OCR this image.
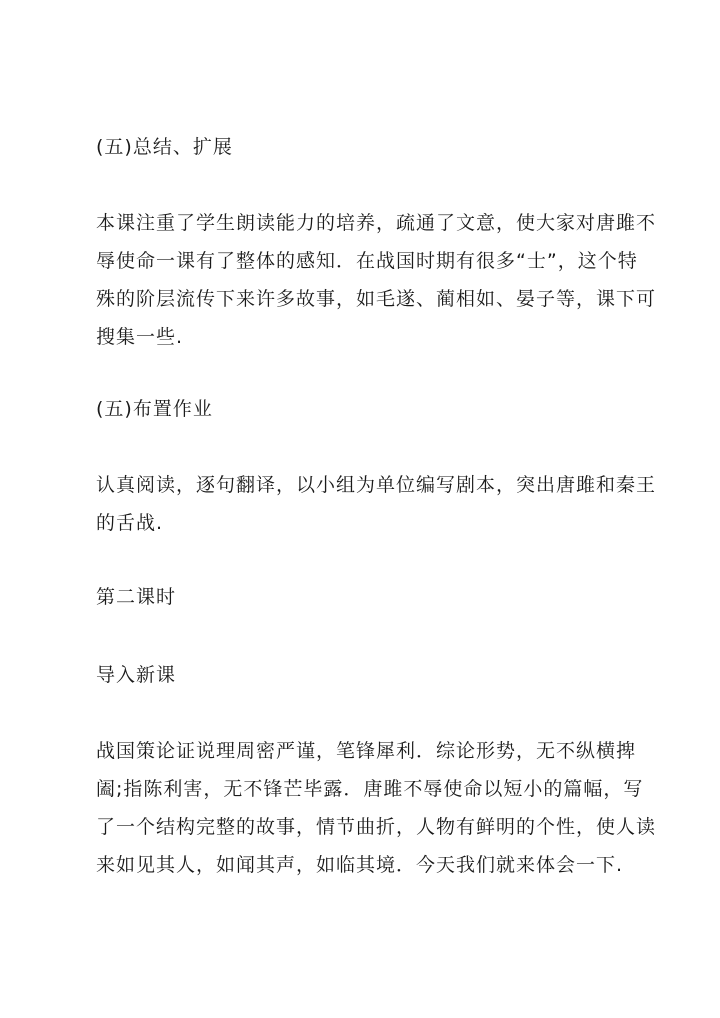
(五)总结、扩展

本课注重了学生朗读能力的培养，疏通了文意，使大家对唐雎不
辱使命一课有了整体的感知．在战国时期有很多“士”，这个特
殊的阶层流传下来许多故事，如毛遂、蔺相如、晏子等，课下可
搜集一些.

(五)布置作业

认真阅读，逐句翻译，以小组为单位编写剧本，突出唐雎和秦王
的舌战.

第二课时

导入新课

战国策论证说理周密严谨，笔锋犀利．综论形势，无不纵横捭
阖;指陈利害，无不锋芒毕露．唐雎不辱使命以短小的篇幅，写
了一个结构完整的故事，情节曲折，人物有鲜明的个性，使人读
来如见其人，如闻其声，如临其境．今天我们就来体会一下.
